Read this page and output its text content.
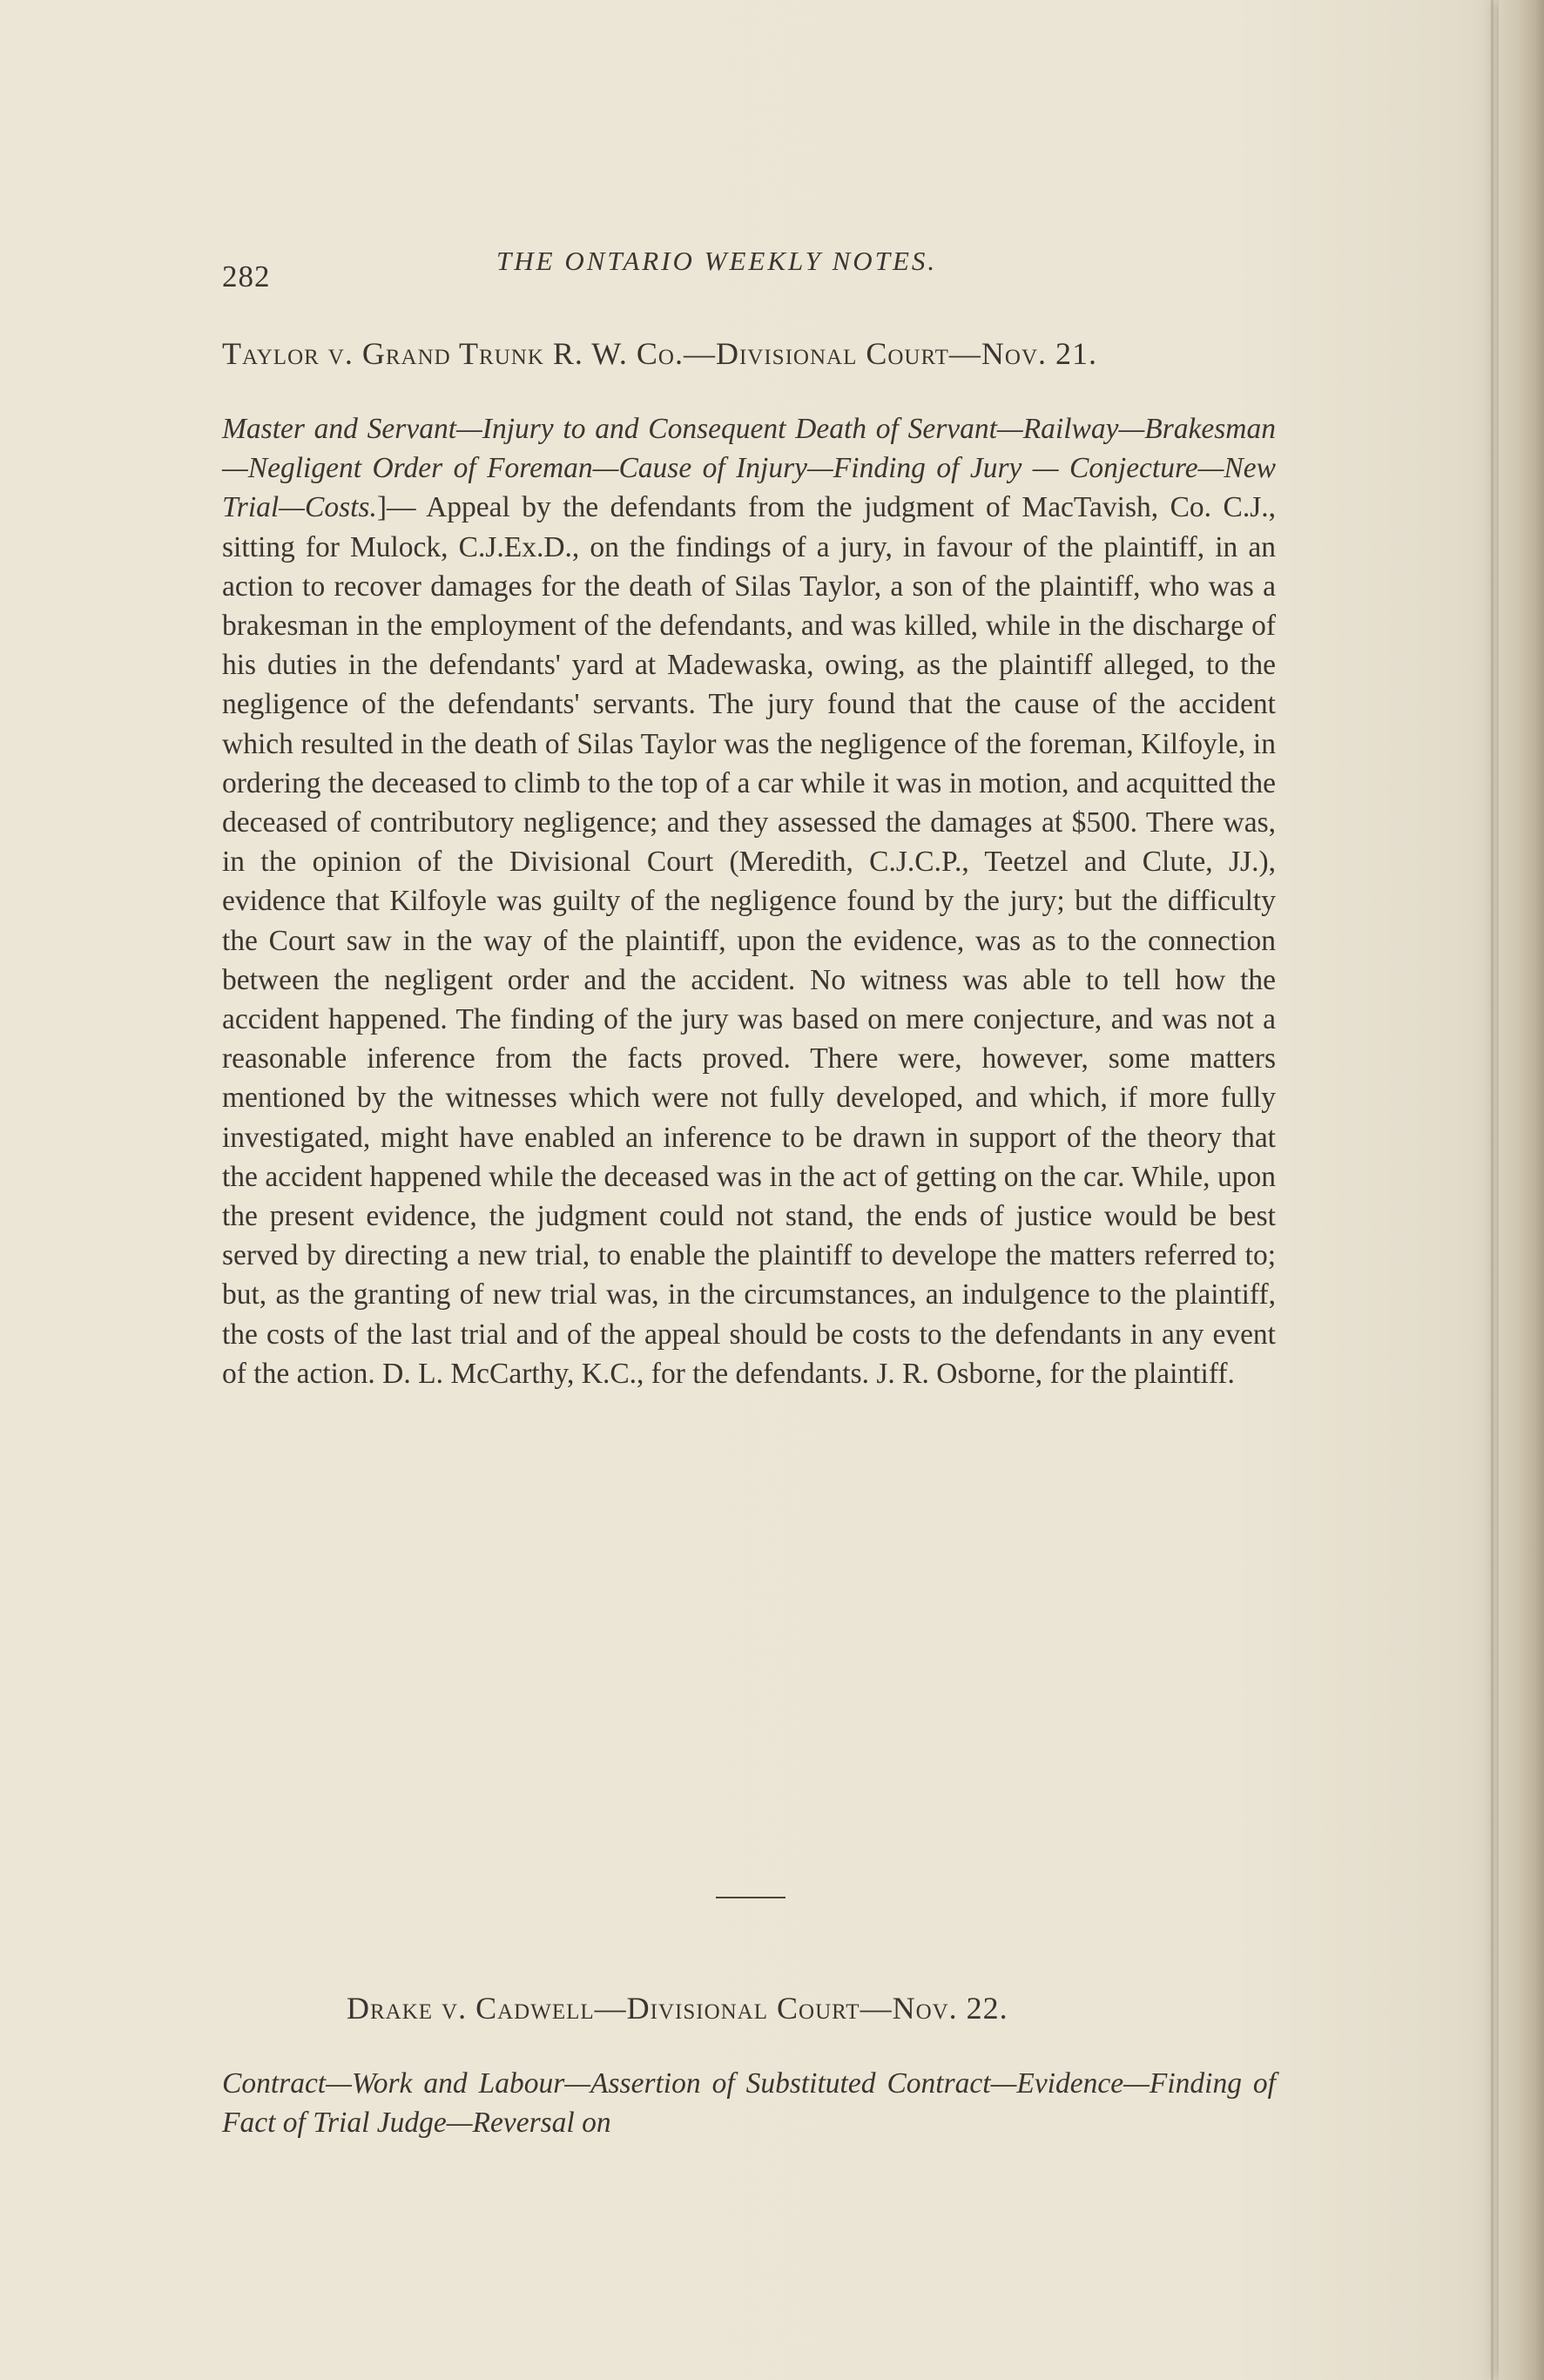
282	THE ONTARIO WEEKLY NOTES.
Taylor v. Grand Trunk R. W. Co.—Divisional Court—Nov. 21.
Master and Servant—Injury to and Consequent Death of Servant—Railway—Brakesman—Negligent Order of Foreman—Cause of Injury—Finding of Jury — Conjecture—New Trial—Costs.]— Appeal by the defendants from the judgment of MacTavish, Co. C.J., sitting for Mulock, C.J.Ex.D., on the findings of a jury, in favour of the plaintiff, in an action to recover damages for the death of Silas Taylor, a son of the plaintiff, who was a brakesman in the employment of the defendants, and was killed, while in the discharge of his duties in the defendants' yard at Madewaska, owing, as the plaintiff alleged, to the negligence of the defendants' servants. The jury found that the cause of the accident which resulted in the death of Silas Taylor was the negligence of the foreman, Kilfoyle, in ordering the deceased to climb to the top of a car while it was in motion, and acquitted the deceased of contributory negligence; and they assessed the damages at $500. There was, in the opinion of the Divisional Court (Meredith, C.J.C.P., Teetzel and Clute, JJ.), evidence that Kilfoyle was guilty of the negligence found by the jury; but the difficulty the Court saw in the way of the plaintiff, upon the evidence, was as to the connection between the negligent order and the accident. No witness was able to tell how the accident happened. The finding of the jury was based on mere conjecture, and was not a reasonable inference from the facts proved. There were, however, some matters mentioned by the witnesses which were not fully developed, and which, if more fully investigated, might have enabled an inference to be drawn in support of the theory that the accident happened while the deceased was in the act of getting on the car. While, upon the present evidence, the judgment could not stand, the ends of justice would be best served by directing a new trial, to enable the plaintiff to develope the matters referred to; but, as the granting of new trial was, in the circumstances, an indulgence to the plaintiff, the costs of the last trial and of the appeal should be costs to the defendants in any event of the action. D. L. McCarthy, K.C., for the defendants. J. R. Osborne, for the plaintiff.
Drake v. Cadwell—Divisional Court—Nov. 22.
Contract—Work and Labour—Assertion of Substituted Contract—Evidence—Finding of Fact of Trial Judge—Reversal on
